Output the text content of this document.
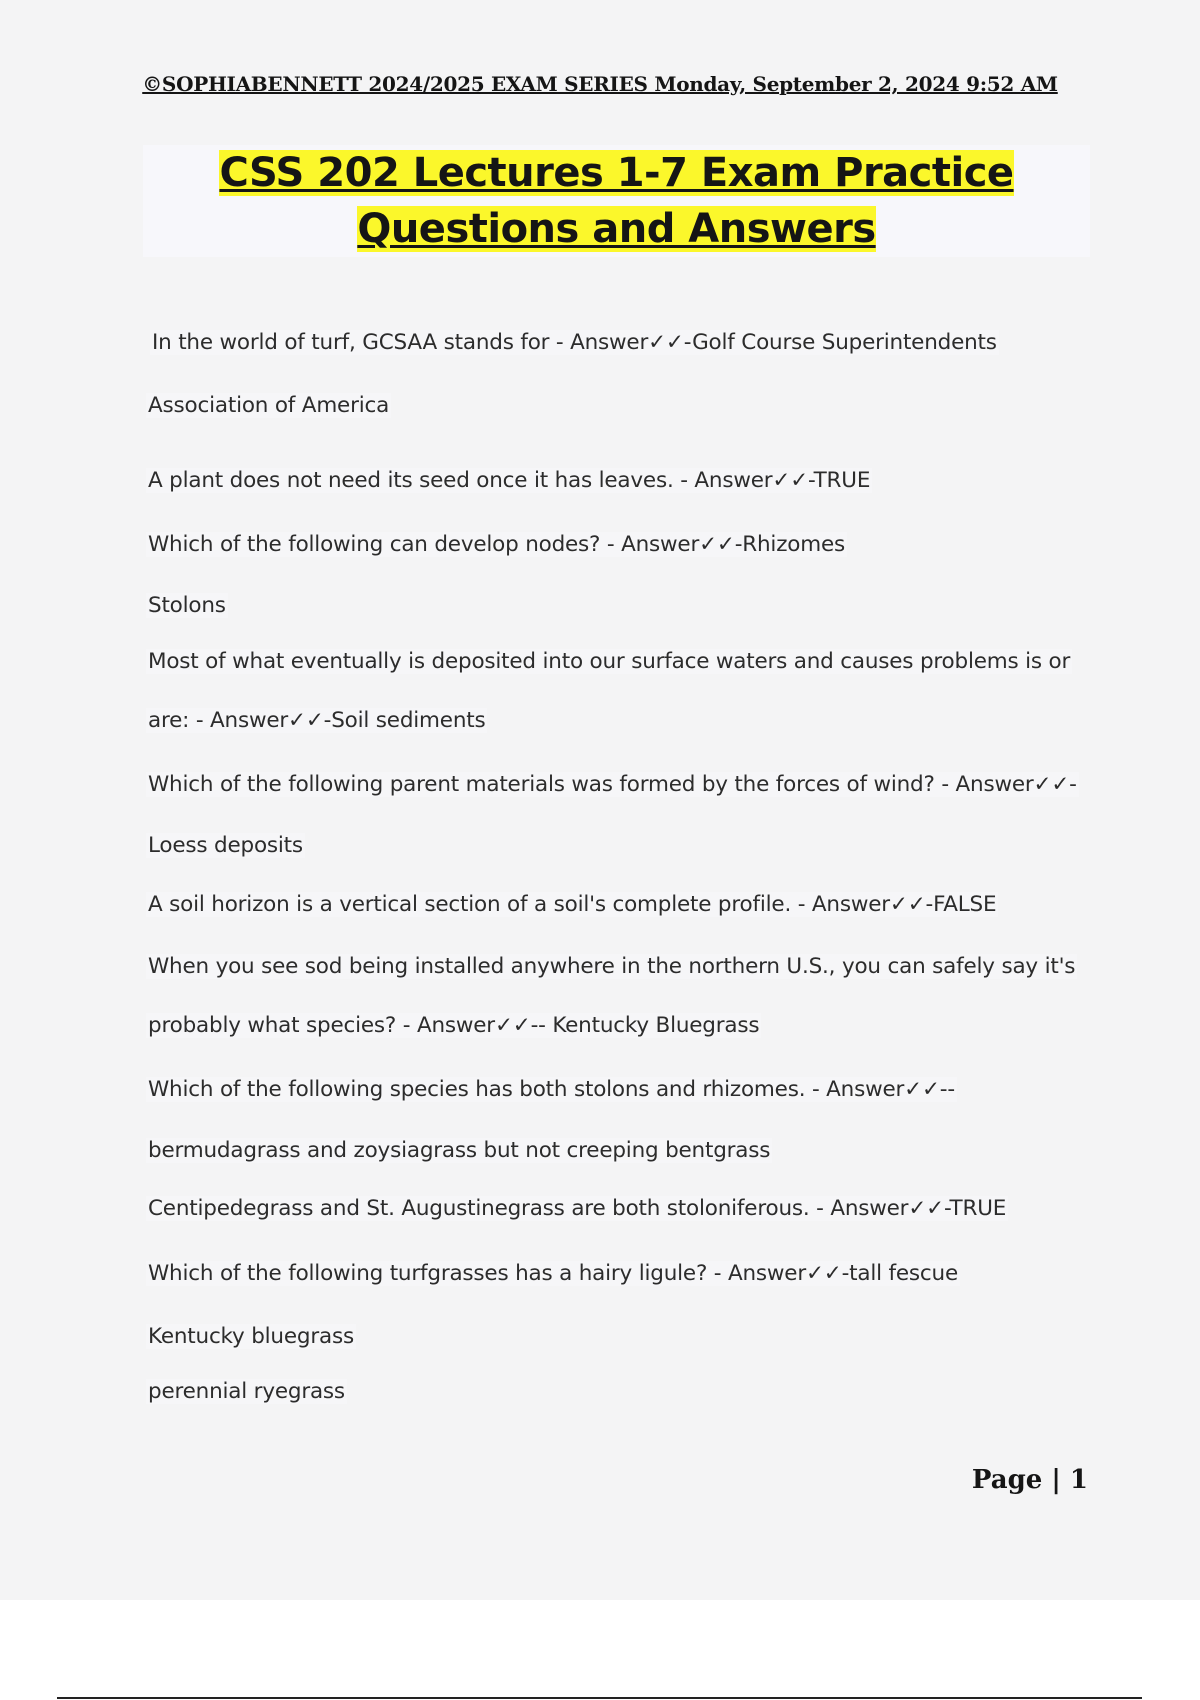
©SOPHIABENNETT 2024/2025 EXAM SERIES Monday, September 2, 2024 9:52 AM
CSS 202 Lectures 1-7 Exam Practice
Questions and Answers
In the world of turf, GCSAA stands for - Answer✓✓-Golf Course Superintendents
Association of America
A plant does not need its seed once it has leaves. - Answer✓✓-TRUE
Which of the following can develop nodes? - Answer✓✓-Rhizomes
Stolons
Most of what eventually is deposited into our surface waters and causes problems is or
are: - Answer✓✓-Soil sediments
Which of the following parent materials was formed by the forces of wind? - Answer✓✓-
Loess deposits
A soil horizon is a vertical section of a soil's complete profile. - Answer✓✓-FALSE
When you see sod being installed anywhere in the northern U.S., you can safely say it's
probably what species? - Answer✓✓-- Kentucky Bluegrass
Which of the following species has both stolons and rhizomes. - Answer✓✓--
bermudagrass and zoysiagrass but not creeping bentgrass
Centipedegrass and St. Augustinegrass are both stoloniferous. - Answer✓✓-TRUE
Which of the following turfgrasses has a hairy ligule? - Answer✓✓-tall fescue
Kentucky bluegrass
perennial ryegrass
Page | 1
